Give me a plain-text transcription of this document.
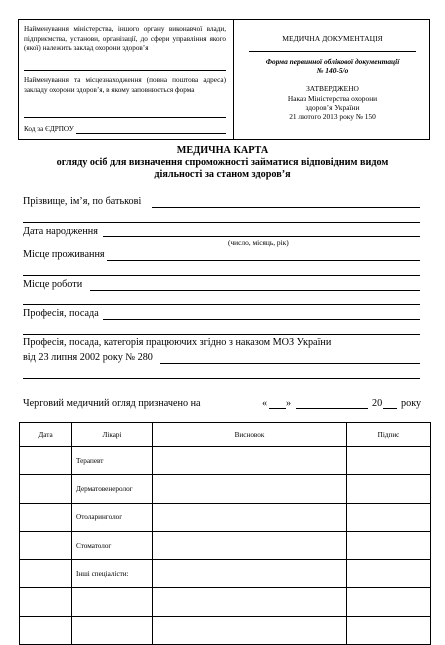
Найменування міністерства, іншого органу виконавчої влади, підприємства, установи, організації, до сфери управління якого (якої) належить заклад охорони здоров’я
Найменування та місцезнаходження (повна поштова адреса) закладу охорони здоров’я, в якому заповнюється форма
Код за ЄДРПОУ
МЕДИЧНА ДОКУМЕНТАЦІЯ
Форма первинної облікової документації
№ 140-5/о
ЗАТВЕРДЖЕНО
Наказ Міністерства охорони
здоров’я України
21 лютого 2013 року № 150
МЕДИЧНА КАРТА
огляду осіб для визначення спроможності займатися відповідним видом
діяльності за станом здоров’я
Прізвище, ім’я, по батькові
Дата народження
(число, місяць, рік)
Місце проживання
Місце роботи
Професія, посада
Професія, посада, категорія працюючих згідно з наказом МОЗ України
від 23 липня 2002 року № 280
Черговий медичний огляд призначено на	« »	20 року
Дата	Лікарі	Висновок	Підпис
	Терапевт		
	Дерматовенеролог		
	Отоларинголог		
	Стоматолог		
	Інші спеціалісти:		
